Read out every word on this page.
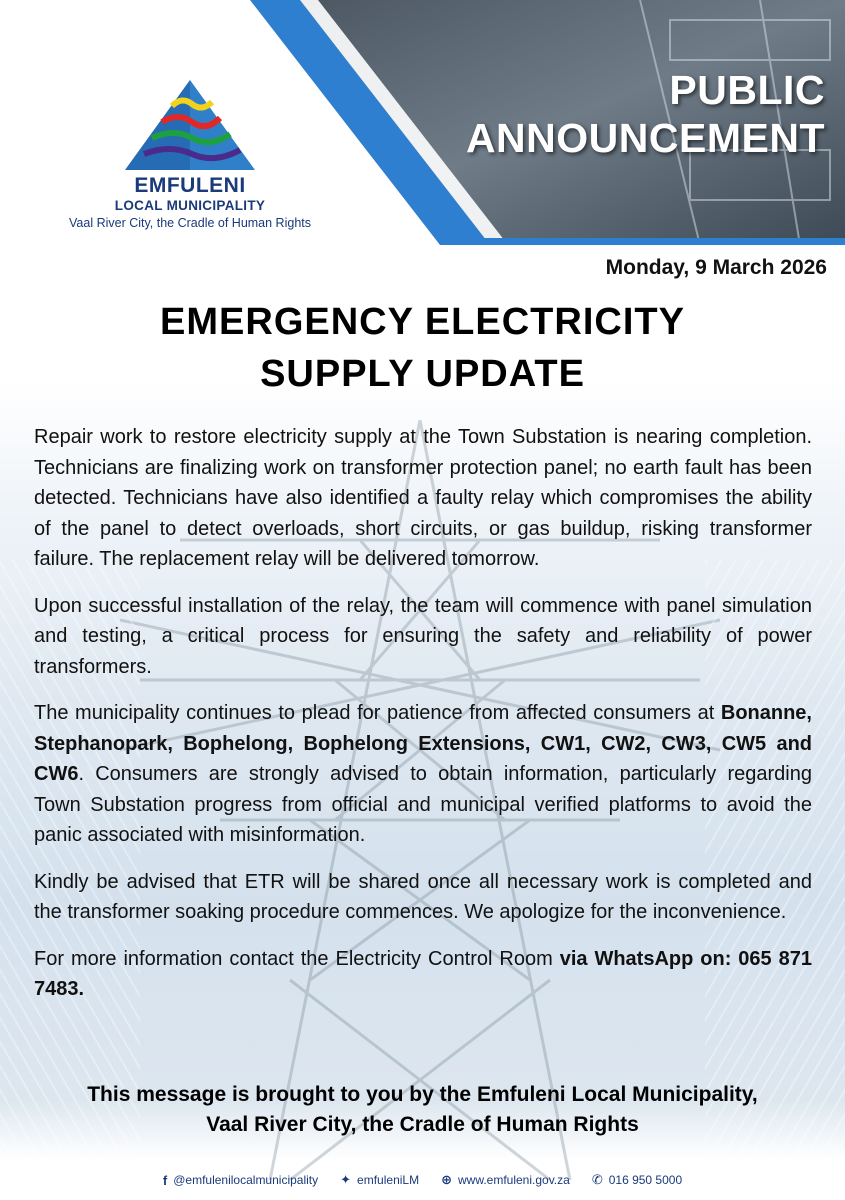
PUBLIC
ANNOUNCEMENT
EMFULENI
LOCAL MUNICIPALITY
Vaal River City, the Cradle of Human Rights
Monday, 9 March 2026
EMERGENCY ELECTRICITY
SUPPLY UPDATE

Repair work to restore electricity supply at the Town Substation is nearing completion. Technicians are finalizing work on transformer protection panel; no earth fault has been detected. Technicians have also identified a faulty relay which compromises the ability of the panel to detect overloads, short circuits, or gas buildup, risking transformer failure. The replacement relay will be delivered tomorrow.

Upon successful installation of the relay, the team will commence with panel simulation and testing, a critical process for ensuring the safety and reliability of power transformers.

The municipality continues to plead for patience from affected consumers at Bonanne, Stephanopark, Bophelong, Bophelong Extensions, CW1, CW2, CW3, CW5 and CW6. Consumers are strongly advised to obtain information, particularly regarding Town Substation progress from official and municipal verified platforms to avoid the panic associated with misinformation.

Kindly be advised that ETR will be shared once all necessary work is completed and the transformer soaking procedure commences. We apologize for the inconvenience.

For more information contact the Electricity Control Room via WhatsApp on: 065 871 7483.

This message is brought to you by the Emfuleni Local Municipality,
Vaal River City, the Cradle of Human Rights
f @emfulenilocalmunicipality ✦ emfuleniLM ⊕ www.emfuleni.gov.za ✆ 016 950 5000
